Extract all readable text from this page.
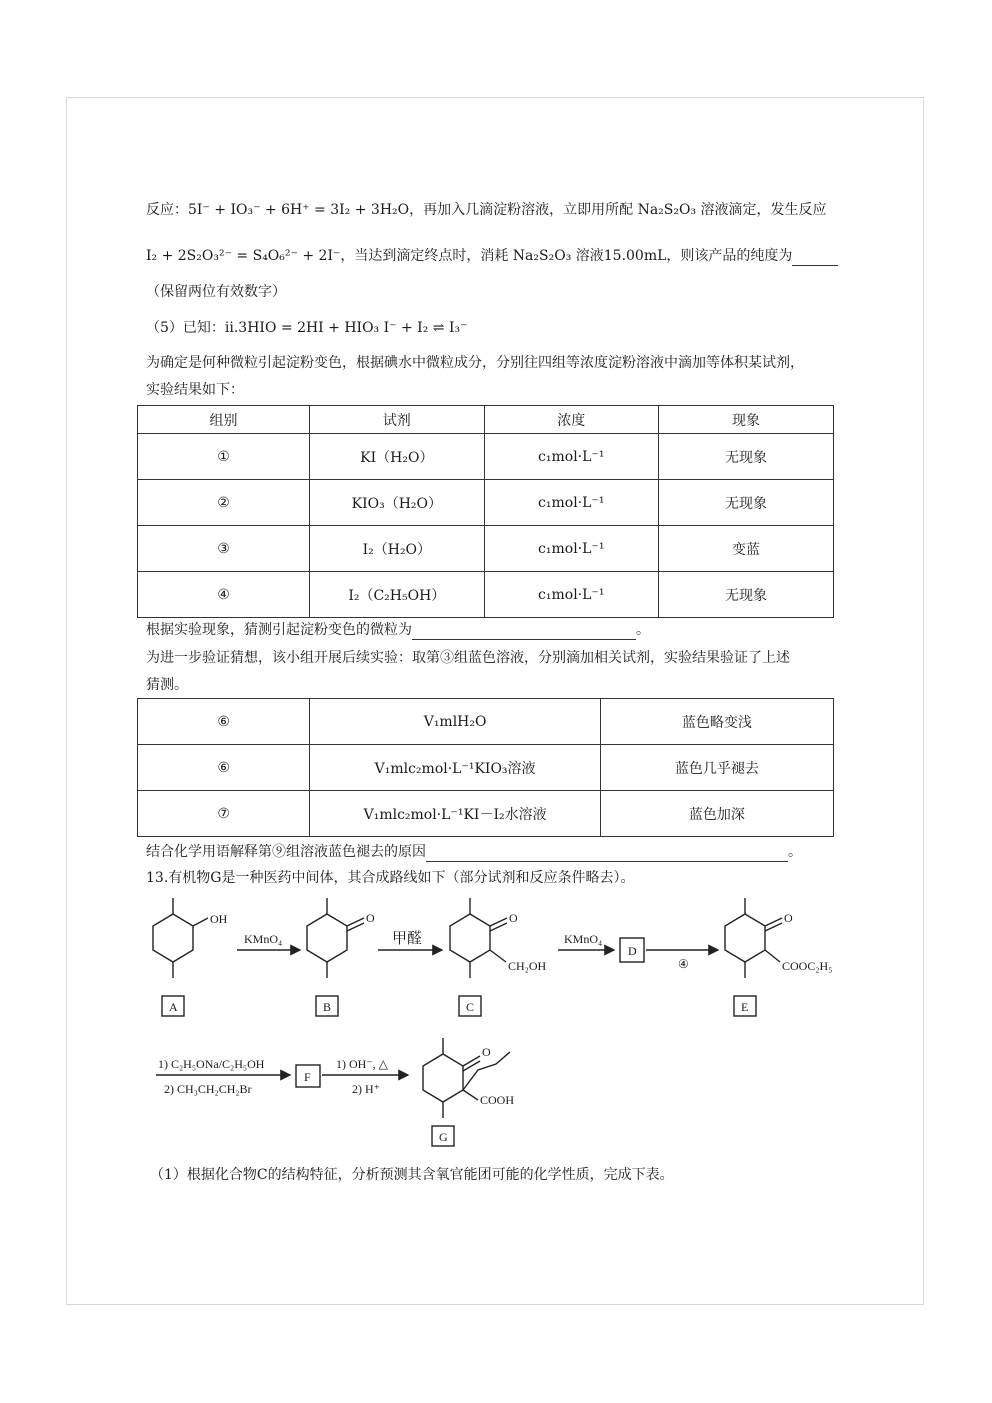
反应：5I⁻ + IO₃⁻ + 6H⁺ = 3I₂ + 3H₂O，再加入几滴淀粉溶液，立即用所配 Na₂S₂O₃ 溶液滴定，发生反应
I₂ + 2S₂O₃²⁻ = S₄O₆²⁻ + 2I⁻，当达到滴定终点时，消耗 Na₂S₂O₃ 溶液15.00mL，则该产品的纯度为
（保留两位有效数字）
（5）已知：ii.3HIO = 2HI + HIO₃ I⁻ + I₂ ⇌ I₃⁻
为确定是何种微粒引起淀粉变色，根据碘水中微粒成分，分别往四组等浓度淀粉溶液中滴加等体积某试剂，
实验结果如下：
组别	试剂	浓度	现象
①	KI（H₂O）	c₁mol·L⁻¹	无现象
②	KIO₃（H₂O）	c₁mol·L⁻¹	无现象
③	I₂（H₂O）	c₁mol·L⁻¹	变蓝
④	I₂（C₂H₅OH）	c₁mol·L⁻¹	无现象
根据实验现象，猜测引起淀粉变色的微粒为	。
为进一步验证猜想，该小组开展后续实验：取第③组蓝色溶液，分别滴加相关试剂，实验结果验证了上述
猜测。
⑥	V₁mlH₂O	蓝色略变浅
⑥	V₁mlc₂mol·L⁻¹KIO₃溶液	蓝色几乎褪去
⑦	V₁mlc₂mol·L⁻¹KI－I₂水溶液	蓝色加深
结合化学用语解释第⑨组溶液蓝色褪去的原因	。
13.有机物G是一种医药中间体，其合成路线如下（部分试剂和反应条件略去）。
OH	O	O
CH₂OH
O
COOC₂H₅
O
COOH
KMnO₄	甲醛	KMnO₄
④
1) C₂H₅ONa/C₂H₅OH
2) CH₃CH₂CH₂Br
1) OH⁻, △
2) H⁺
A	B	C
D
E
F
G
（1）根据化合物C的结构特征，分析预测其含氧官能团可能的化学性质，完成下表。
